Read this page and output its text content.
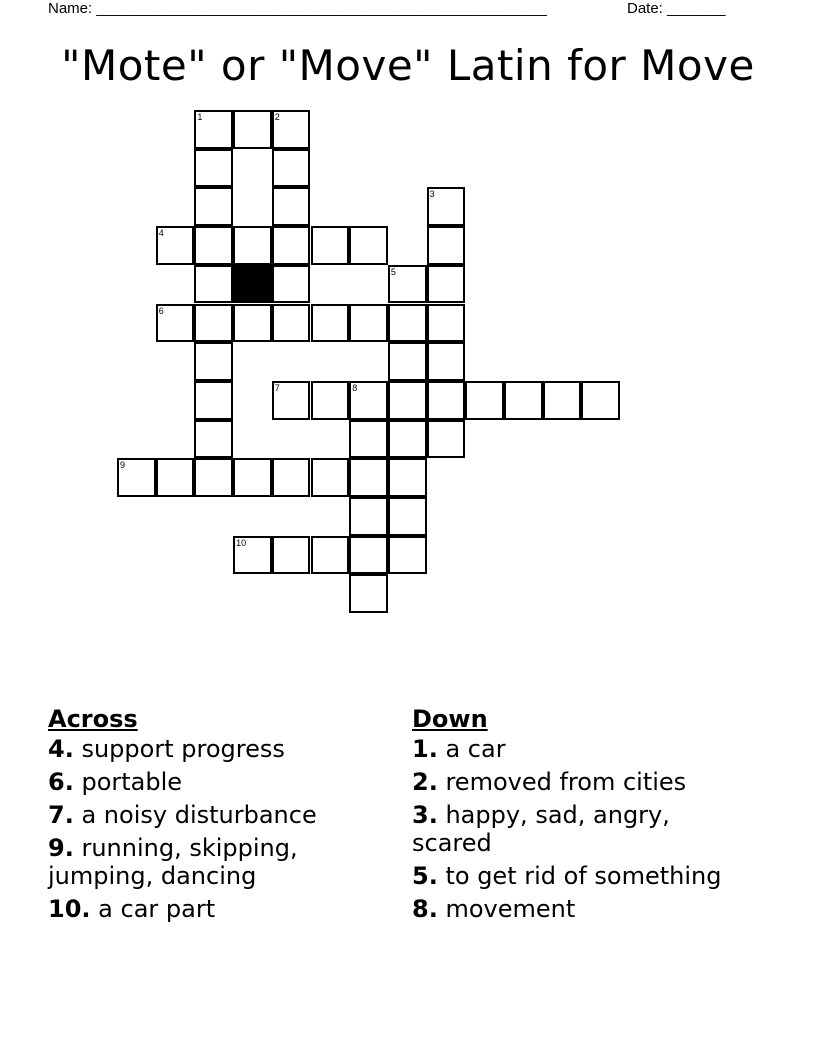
Name: ______________________________________________________	Date: _______
"Mote" or "Move" Latin for Move
1	2
3
4
5
6
7	8
9
10
Across
4. support progress
6. portable
7. a noisy disturbance
9. running, skipping, jumping, dancing
10. a car part
Down
1. a car
2. removed from cities
3. happy, sad, angry, scared
5. to get rid of something
8. movement
